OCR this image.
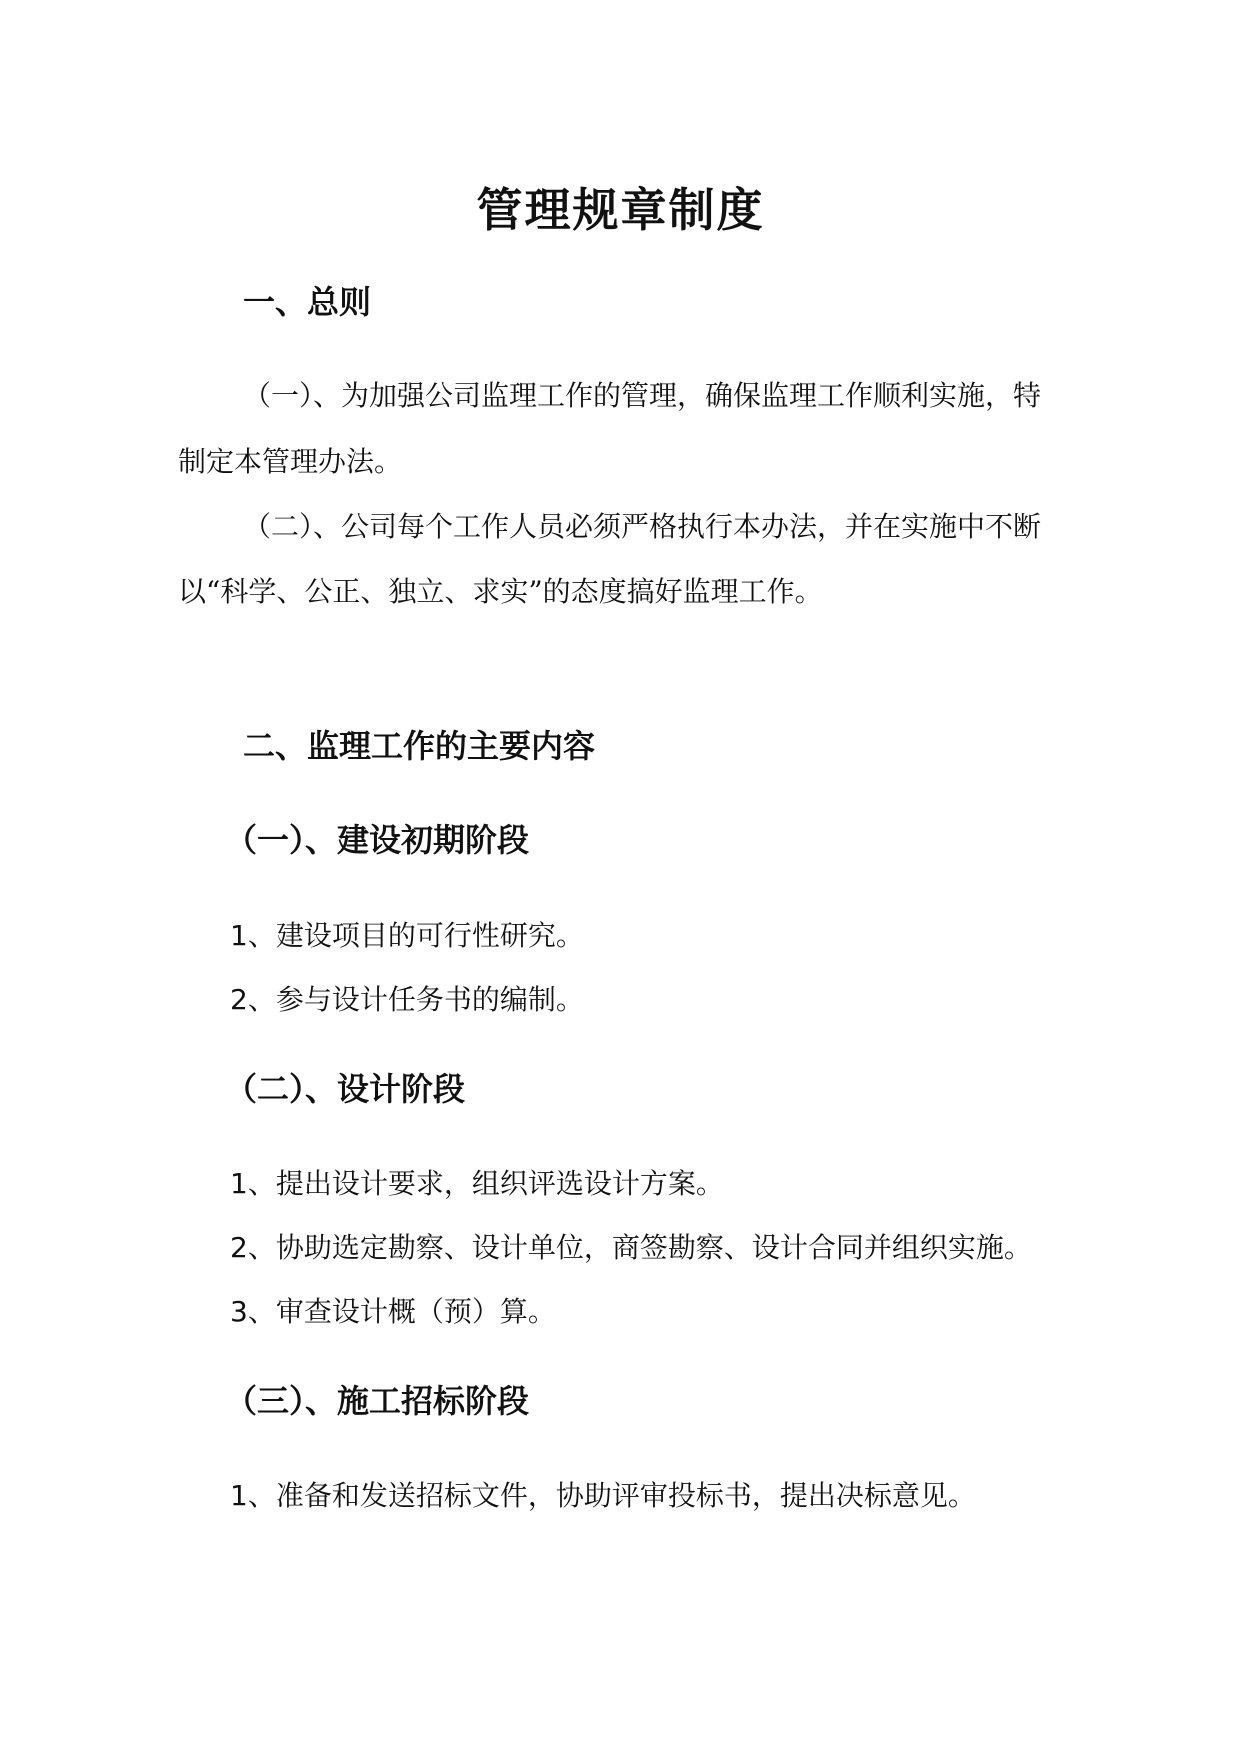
管理规章制度
一、总则

（一）、为加强公司监理工作的管理，确保监理工作顺利实施，特

制定本管理办法。

（二）、公司每个工作人员必须严格执行本办法，并在实施中不断

以“科学、公正、独立、求实”的态度搞好监理工作。

二、监理工作的主要内容
（一）、建设初期阶段

1、建设项目的可行性研究。

2、参与设计任务书的编制。

（二）、设计阶段

1、提出设计要求，组织评选设计方案。

2、协助选定勘察、设计单位，商签勘察、设计合同并组织实施。

3、审查设计概（预）算。

（三）、施工招标阶段

1、准备和发送招标文件，协助评审投标书，提出决标意见。
